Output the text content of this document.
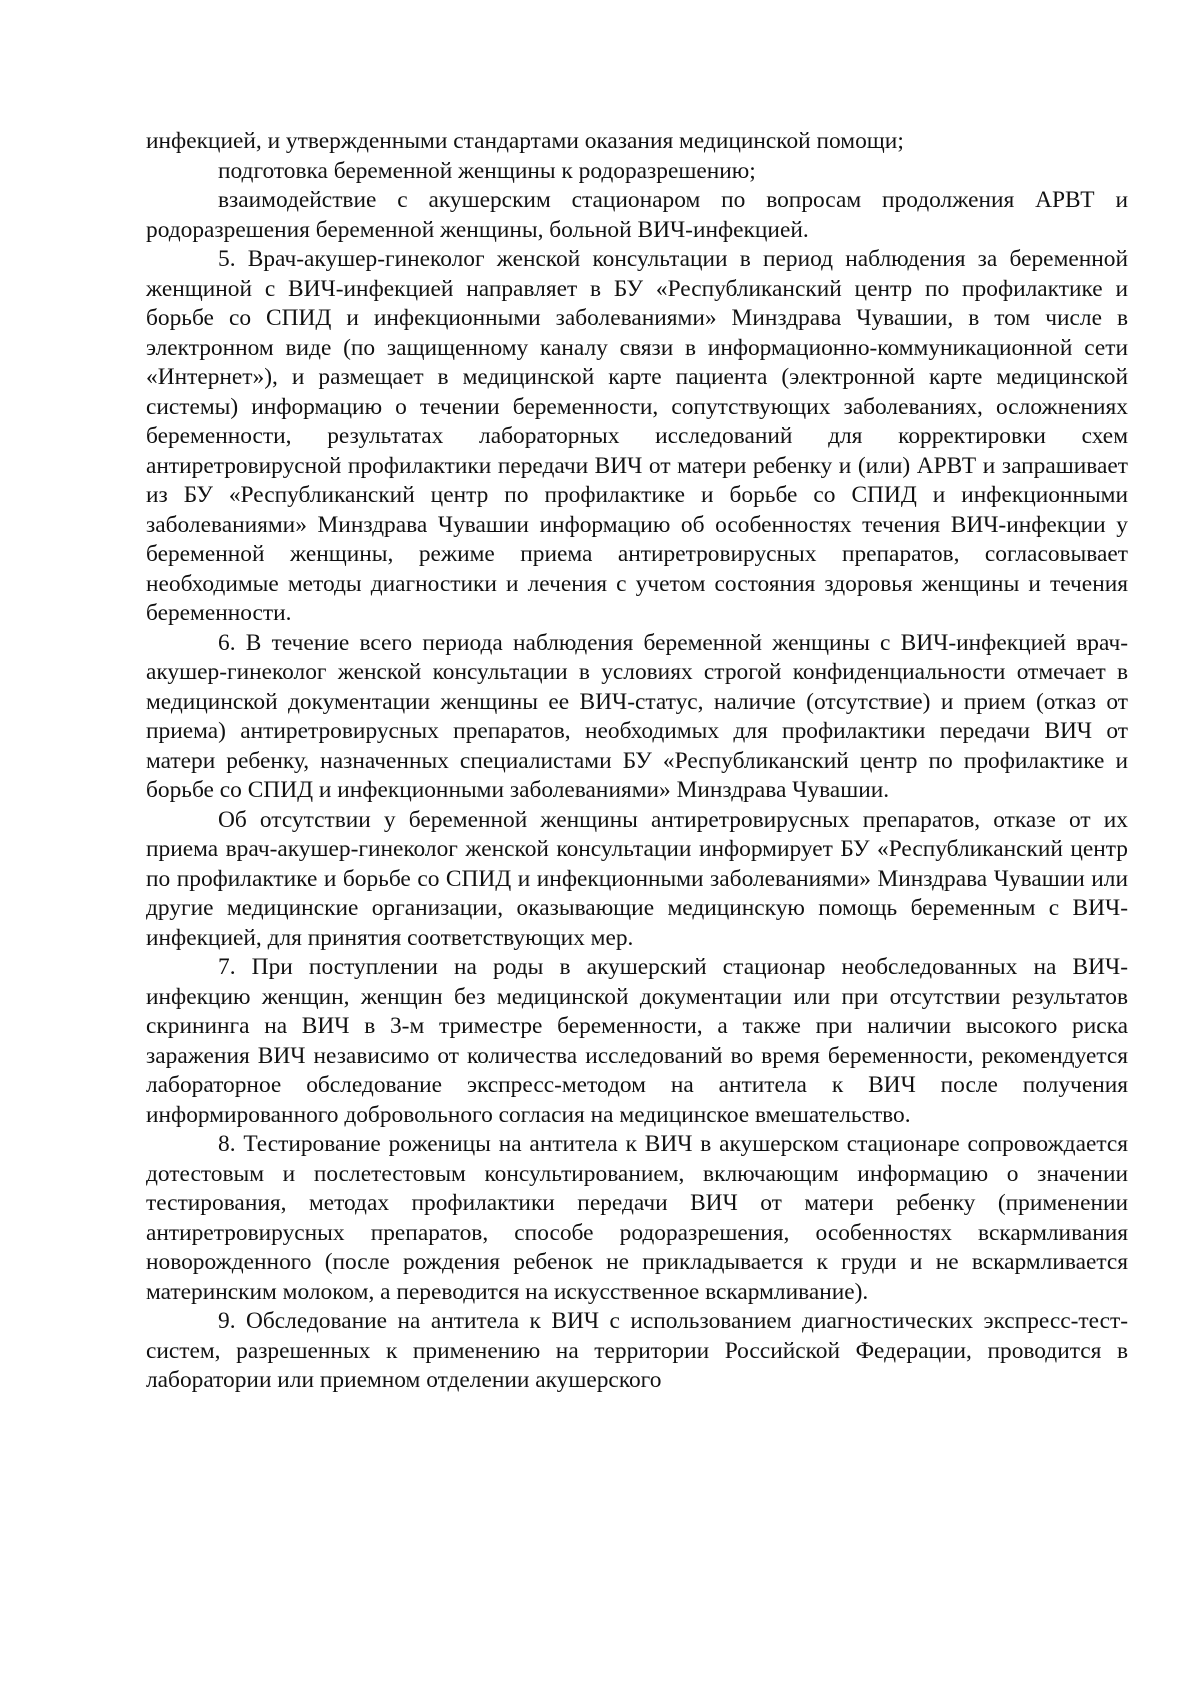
инфекцией, и утвержденными стандартами оказания медицинской помощи;

подготовка беременной женщины к родоразрешению;

взаимодействие с акушерским стационаром по вопросам продолжения АРВТ и родоразрешения беременной женщины, больной ВИЧ-инфекцией.

5. Врач-акушер-гинеколог женской консультации в период наблюдения за беременной женщиной с ВИЧ-инфекцией направляет в БУ «Республиканский центр по профилактике и борьбе со СПИД и инфекционными заболеваниями» Минздрава Чувашии, в том числе в электронном виде (по защищенному каналу связи в информационно-коммуникационной сети «Интернет»), и размещает в медицинской карте пациента (электронной карте медицинской системы) информацию о течении беременности, сопутствующих заболеваниях, осложнениях беременности, результатах лабораторных исследований для корректировки схем антиретровирусной профилактики передачи ВИЧ от матери ребенку и (или) АРВТ и запрашивает из БУ «Республиканский центр по профилактике и борьбе со СПИД и инфекционными заболеваниями» Минздрава Чувашии информацию об особенностях течения ВИЧ-инфекции у беременной женщины, режиме приема антиретровирусных препаратов, согласовывает необходимые методы диагностики и лечения с учетом состояния здоровья женщины и течения беременности.

6. В течение всего периода наблюдения беременной женщины с ВИЧ-инфекцией врач-акушер-гинеколог женской консультации в условиях строгой конфиденциальности отмечает в медицинской документации женщины ее ВИЧ-статус, наличие (отсутствие) и прием (отказ от приема) антиретровирусных препаратов, необходимых для профилактики передачи ВИЧ от матери ребенку, назначенных специалистами БУ «Республиканский центр по профилактике и борьбе со СПИД и инфекционными заболеваниями» Минздрава Чувашии.

Об отсутствии у беременной женщины антиретровирусных препаратов, отказе от их приема врач-акушер-гинеколог женской консультации информирует БУ «Республиканский центр по профилактике и борьбе со СПИД и инфекционными заболеваниями» Минздрава Чувашии или другие медицинские организации, оказывающие медицинскую помощь беременным с ВИЧ-инфекцией, для принятия соответствующих мер.

7. При поступлении на роды в акушерский стационар необследованных на ВИЧ-инфекцию женщин, женщин без медицинской документации или при отсутствии результатов скрининга на ВИЧ в 3-м триместре беременности, а также при наличии высокого риска заражения ВИЧ независимо от количества исследований во время беременности, рекомендуется лабораторное обследование экспресс-методом на антитела к ВИЧ после получения информированного добровольного согласия на медицинское вмешательство.

8. Тестирование роженицы на антитела к ВИЧ в акушерском стационаре сопровождается дотестовым и послетестовым консультированием, включающим информацию о значении тестирования, методах профилактики передачи ВИЧ от матери ребенку (применении антиретровирусных препаратов, способе родоразрешения, особенностях вскармливания новорожденного (после рождения ребенок не прикладывается к груди и не вскармливается материнским молоком, а переводится на искусственное вскармливание).

9. Обследование на антитела к ВИЧ с использованием диагностических экспресс-тест-систем, разрешенных к применению на территории Российской Федерации, проводится в лаборатории или приемном отделении акушерского
